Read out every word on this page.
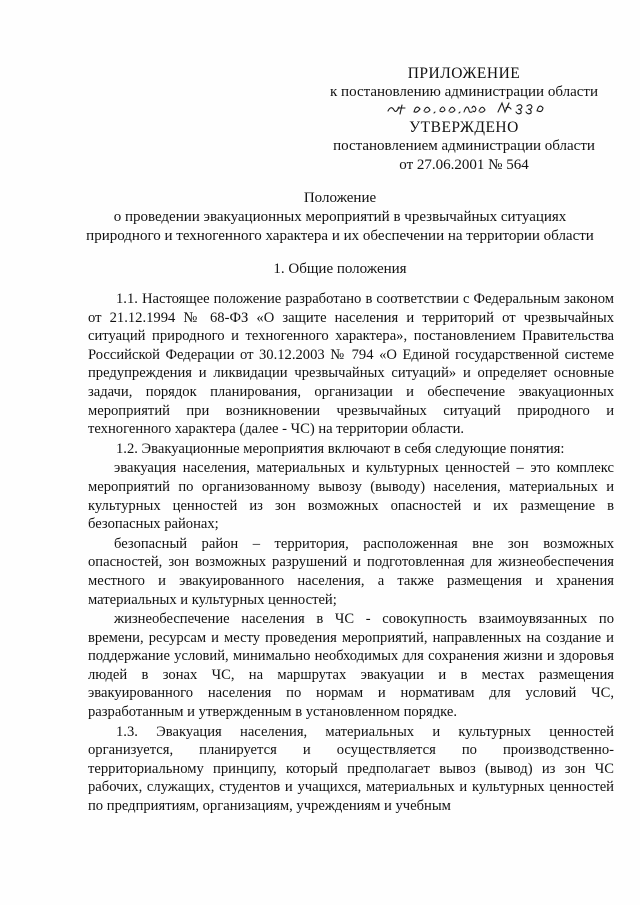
ПРИЛОЖЕНИЕ
к постановлению администрации области
УТВЕРЖДЕНО
постановлением администрации области
от 27.06.2001 № 564
Положение
о проведении эвакуационных мероприятий в чрезвычайных ситуациях
природного и техногенного характера и их обеспечении на территории области
1. Общие положения

1.1. Настоящее положение разработано в соответствии с Федеральным законом от 21.12.1994 № 68-ФЗ «О защите населения и территорий от чрезвычайных ситуаций природного и техногенного характера», постановлением Правительства Российской Федерации от 30.12.2003 № 794 «О Единой государственной системе предупреждения и ликвидации чрезвычайных ситуаций» и определяет основные задачи, порядок планирования, организации и обеспечение эвакуационных мероприятий при возникновении чрезвычайных ситуаций природного и техногенного характера (далее - ЧС) на территории области.

1.2. Эвакуационные мероприятия включают в себя следующие понятия:

эвакуация населения, материальных и культурных ценностей – это комплекс мероприятий по организованному вывозу (выводу) населения, материальных и культурных ценностей из зон возможных опасностей и их размещение в безопасных районах;

безопасный район – территория, расположенная вне зон возможных опасностей, зон возможных разрушений и подготовленная для жизнеобеспечения местного и эвакуированного населения, а также размещения и хранения материальных и культурных ценностей;

жизнеобеспечение населения в ЧС - совокупность взаимоувязанных по времени, ресурсам и месту проведения мероприятий, направленных на создание и поддержание условий, минимально необходимых для сохранения жизни и здоровья людей в зонах ЧС, на маршрутах эвакуации и в местах размещения эвакуированного населения по нормам и нормативам для условий ЧС, разработанным и утвержденным в установленном порядке.

1.3. Эвакуация населения, материальных и культурных ценностей организуется, планируется и осуществляется по производственно-территориальному принципу, который предполагает вывоз (вывод) из зон ЧС рабочих, служащих, студентов и учащихся, материальных и культурных ценностей по предприятиям, организациям, учреждениям и учебным
